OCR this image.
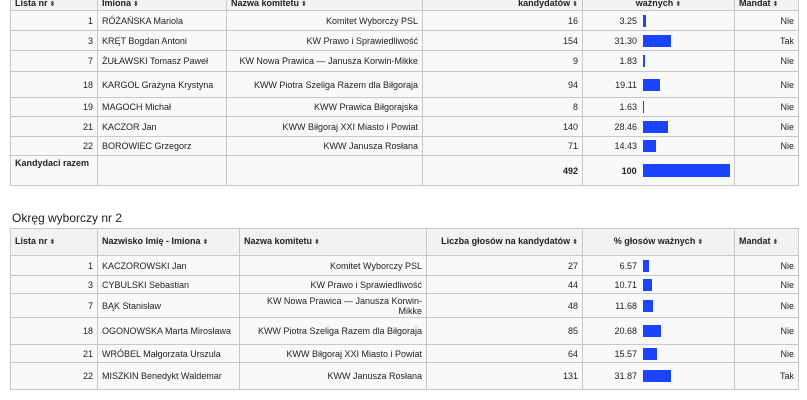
Lista nr ⬍	Imiona ⬍	Nazwa komitetu ⬍	kandydatów ⬍	ważnych ⬍	Mandat ⬍
1	RÓŻAŃSKA Mariola	Komitet Wyborczy PSL	16	3.25	Nie
3	KRĘT Bogdan Antoni	KW Prawo i Sprawiedliwość	154	31.30	Tak
7	ŻUŁAWSKI Tomasz Paweł	KW Nowa Prawica — Janusza Korwin-Mikke	9	1.83	Nie
18	KARGOL Grażyna Krystyna	KWW Piotra Szeliga Razem dla Biłgoraja	94	19.11	Nie
19	MAGOCH Michał	KWW Prawica Biłgorajska	8	1.63	Nie
21	KACZOR Jan	KWW Biłgoraj XXI Miasto i Powiat	140	28.46	Nie
22	BOROWIEC Grzegorz	KWW Janusza Rosłana	71	14.43	Nie
Kandydaci razem			492	100	

Okręg wyborczy nr 2
Lista nr ⬍	Nazwisko Imię - Imiona ⬍	Nazwa komitetu ⬍	Liczba głosów na kandydatów ⬍	% głosów ważnych ⬍	Mandat ⬍
1	KACZOROWSKI Jan	Komitet Wyborczy PSL	27	6.57	Nie
3	CYBULSKI Sebastian	KW Prawo i Sprawiedliwość	44	10.71	Nie
7	BĄK Stanisław	KW Nowa Prawica — Janusza Korwin-Mikke	48	11.68	Nie
18	OGONOWSKA Marta Mirosława	KWW Piotra Szeliga Razem dla Biłgoraja	85	20.68	Nie
21	WRÓBEL Małgorzata Urszula	KWW Biłgoraj XXI Miasto i Powiat	64	15.57	Nie
22	MISZKIN Benedykt Waldemar	KWW Janusza Rosłana	131	31.87	Tak
